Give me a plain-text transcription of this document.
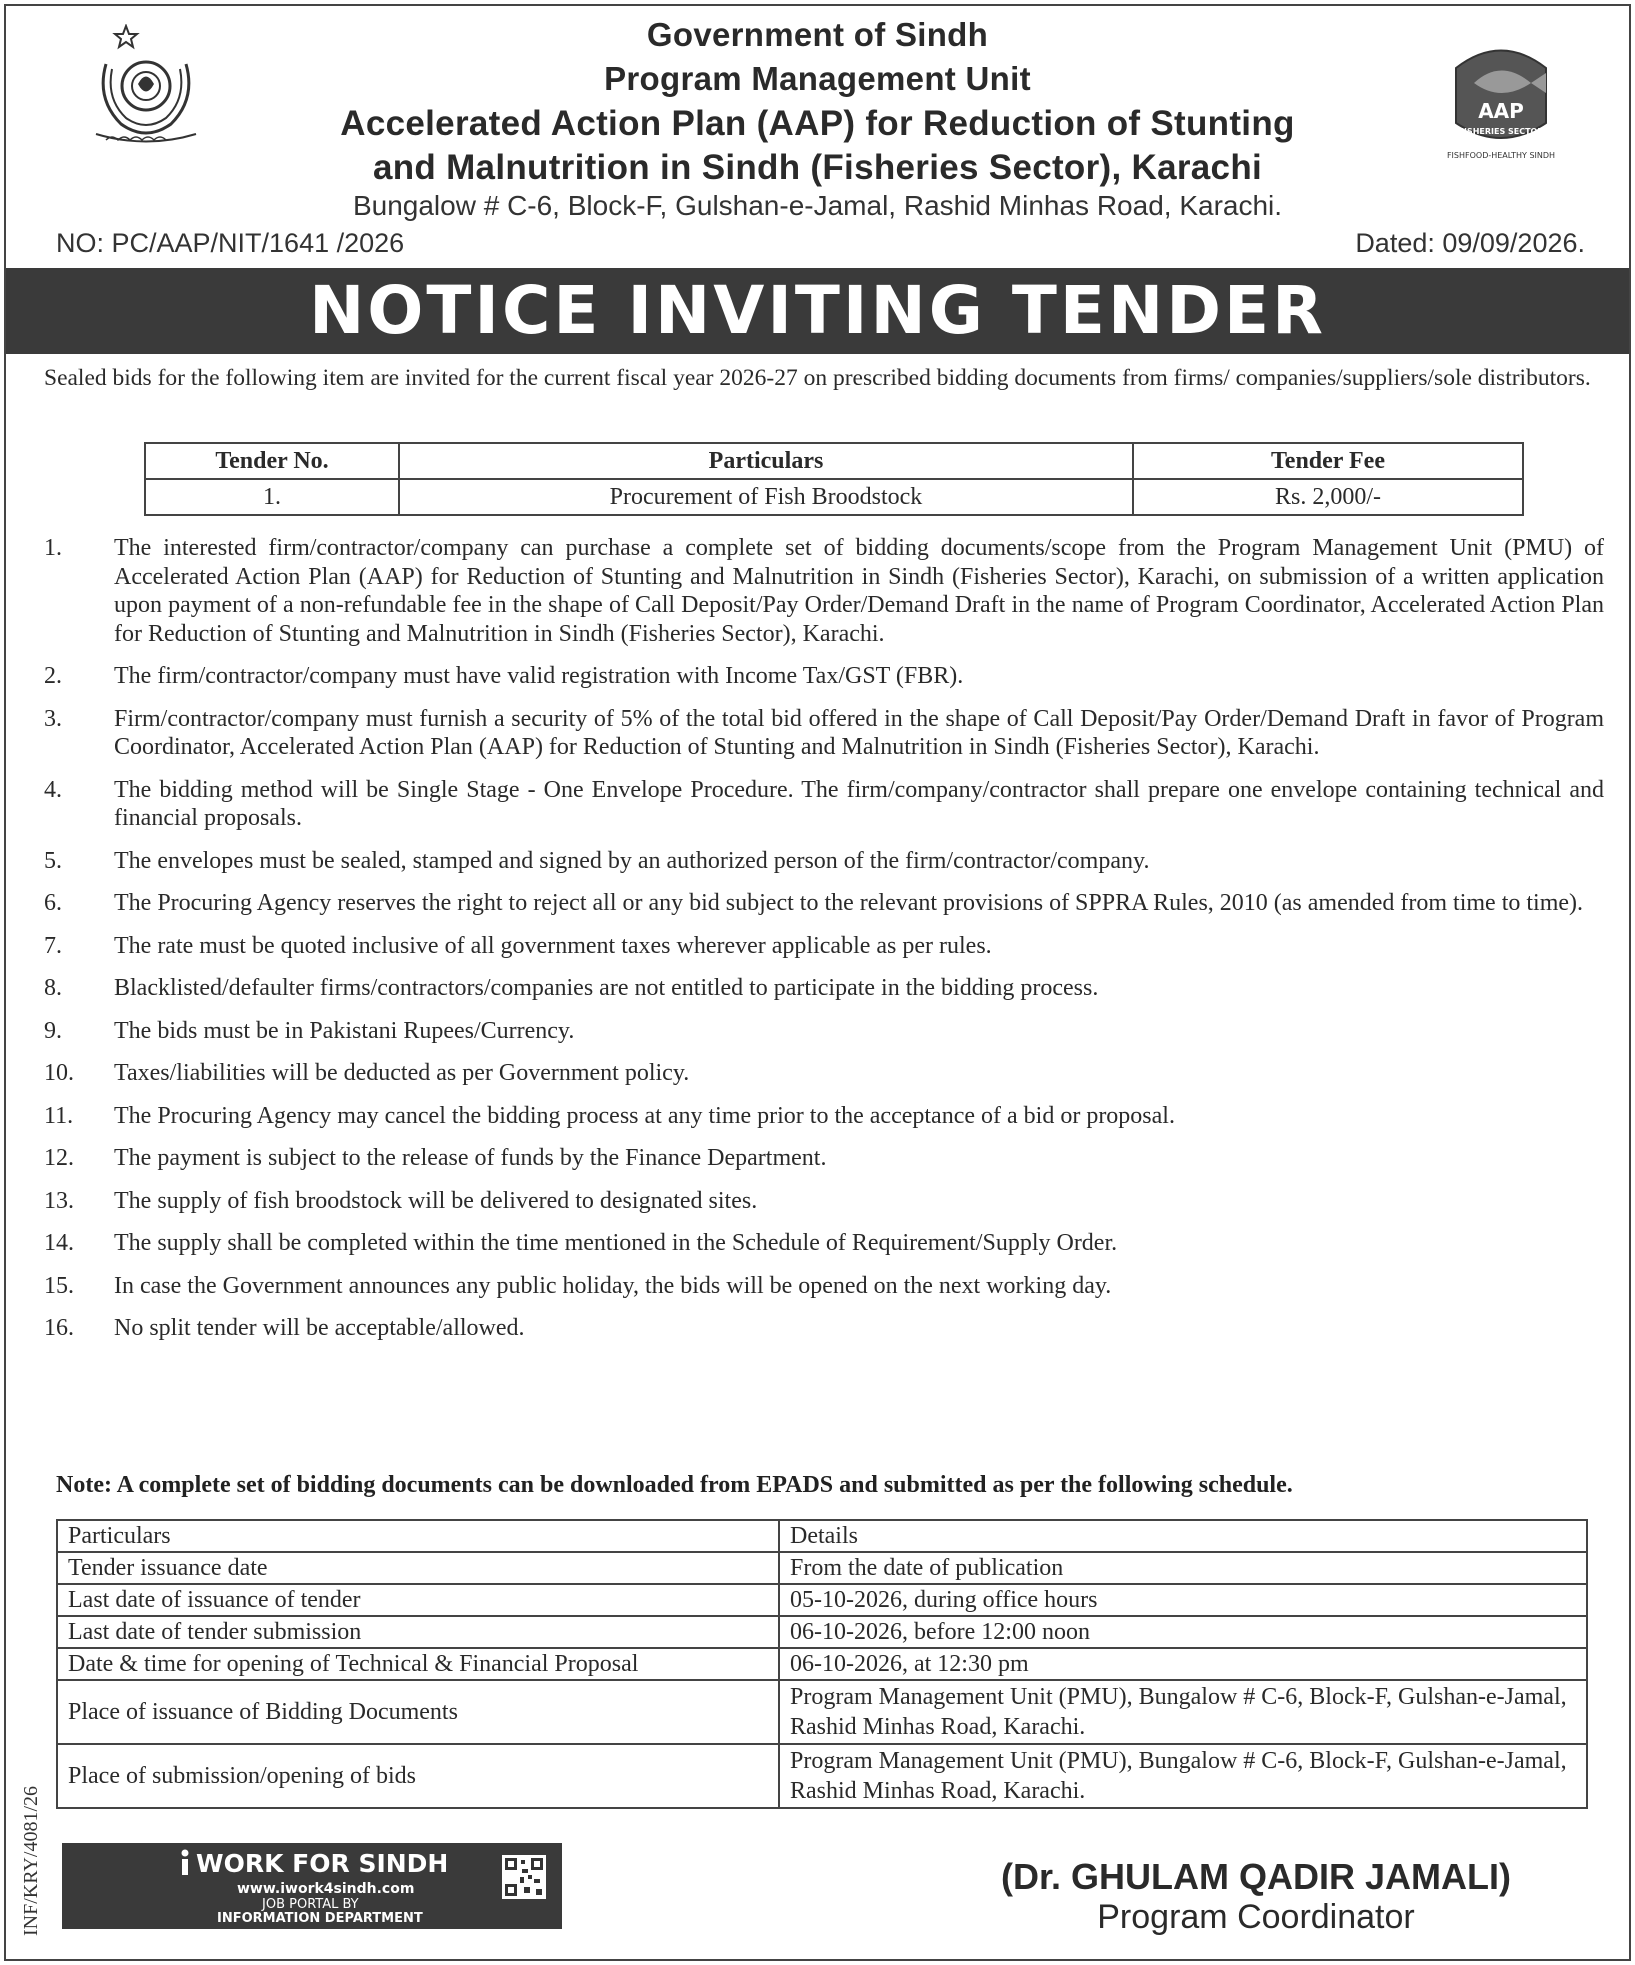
Government of Sindh
Program Management Unit
Accelerated Action Plan (AAP) for Reduction of Stunting
and Malnutrition in Sindh (Fisheries Sector), Karachi
Bungalow # C-6, Block-F, Gulshan-e-Jamal, Rashid Minhas Road, Karachi.
NO: PC/AAP/NIT/1641 /2026	Dated: 09/09/2026.
AAP
FISHERIES SECTOR
FISHFOOD-HEALTHY SINDH
NOTICE INVITING TENDER
Sealed bids for the following item are invited for the current fiscal year 2026-27 on prescribed bidding documents from firms/ companies/suppliers/sole distributors.
Tender No.	Particulars	Tender Fee
1.	Procurement of Fish Broodstock	Rs. 2,000/-
1. The interested firm/contractor/company can purchase a complete set of bidding documents/scope from the Program Management Unit (PMU) of Accelerated Action Plan (AAP) for Reduction of Stunting and Malnutrition in Sindh (Fisheries Sector), Karachi, on submission of a written application upon payment of a non-refundable fee in the shape of Call Deposit/Pay Order/Demand Draft in the name of Program Coordinator, Accelerated Action Plan for Reduction of Stunting and Malnutrition in Sindh (Fisheries Sector), Karachi.
2. The firm/contractor/company must have valid registration with Income Tax/GST (FBR).
3. Firm/contractor/company must furnish a security of 5% of the total bid offered in the shape of Call Deposit/Pay Order/Demand Draft in favor of Program Coordinator, Accelerated Action Plan (AAP) for Reduction of Stunting and Malnutrition in Sindh (Fisheries Sector), Karachi.
4. The bidding method will be Single Stage - One Envelope Procedure. The firm/company/contractor shall prepare one envelope containing technical and financial proposals.
5. The envelopes must be sealed, stamped and signed by an authorized person of the firm/contractor/company.
6. The Procuring Agency reserves the right to reject all or any bid subject to the relevant provisions of SPPRA Rules, 2010 (as amended from time to time).
7. The rate must be quoted inclusive of all government taxes wherever applicable as per rules.
8. Blacklisted/defaulter firms/contractors/companies are not entitled to participate in the bidding process.
9. The bids must be in Pakistani Rupees/Currency.
10. Taxes/liabilities will be deducted as per Government policy.
11. The Procuring Agency may cancel the bidding process at any time prior to the acceptance of a bid or proposal.
12. The payment is subject to the release of funds by the Finance Department.
13. The supply of fish broodstock will be delivered to designated sites.
14. The supply shall be completed within the time mentioned in the Schedule of Requirement/Supply Order.
15. In case the Government announces any public holiday, the bids will be opened on the next working day.
16. No split tender will be acceptable/allowed.
Note: A complete set of bidding documents can be downloaded from EPADS and submitted as per the following schedule.
Particulars	Details
Tender issuance date	From the date of publication
Last date of issuance of tender	05-10-2026, during office hours
Last date of tender submission	06-10-2026, before 12:00 noon
Date & time for opening of Technical & Financial Proposal	06-10-2026, at 12:30 pm
Place of issuance of Bidding Documents	Program Management Unit (PMU), Bungalow # C-6, Block-F, Gulshan-e-Jamal, Rashid Minhas Road, Karachi.
Place of submission/opening of bids	Program Management Unit (PMU), Bungalow # C-6, Block-F, Gulshan-e-Jamal, Rashid Minhas Road, Karachi.
WORK FOR SINDH
www.iwork4sindh.com
JOB PORTAL BY
INFORMATION DEPARTMENT
(Dr. GHULAM QADIR JAMALI)
Program Coordinator
INF/KRY/4081/26
